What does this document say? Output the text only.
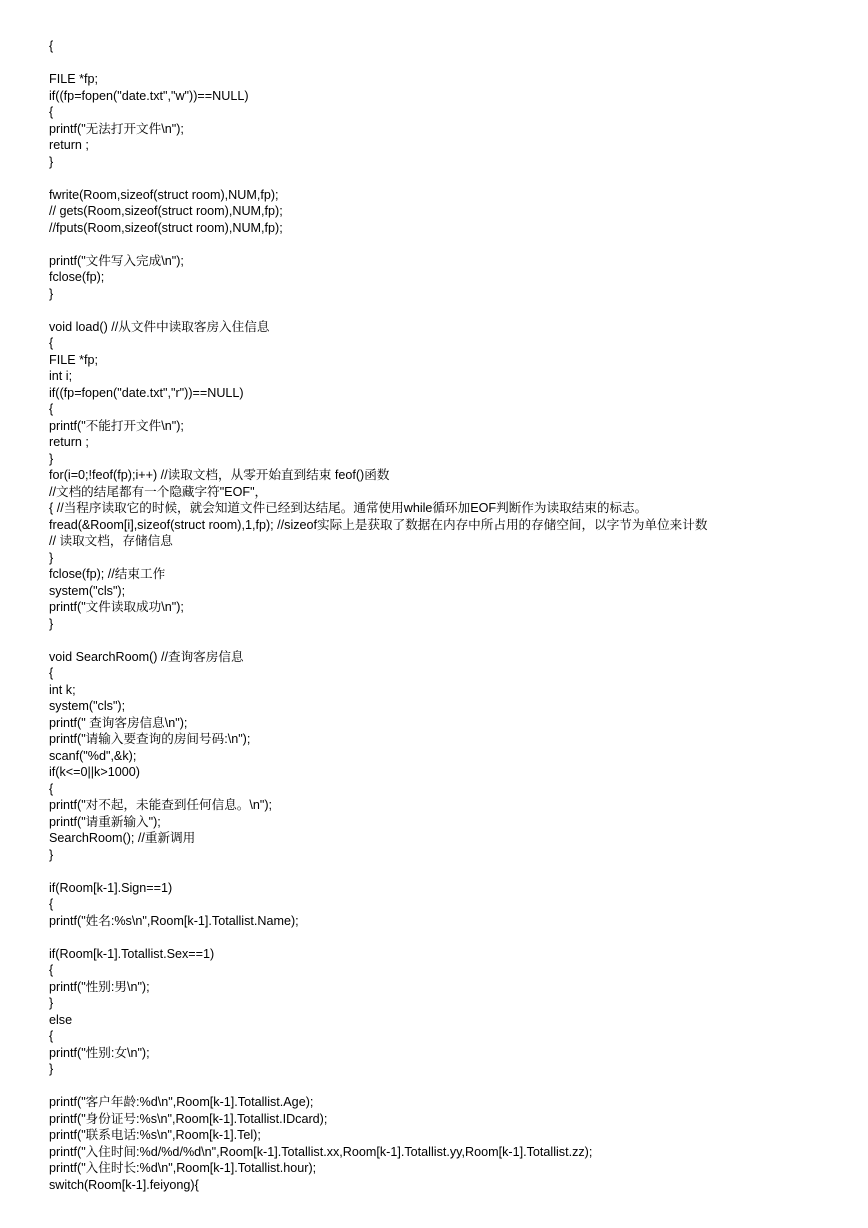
{
FILE *fp;
if((fp=fopen("date.txt","w"))==NULL)
{
printf("无法打开文件\n");
return ;
}
fwrite(Room,sizeof(struct room),NUM,fp);
// gets(Room,sizeof(struct room),NUM,fp);
//fputs(Room,sizeof(struct room),NUM,fp);
printf("文件写入完成\n");
fclose(fp);
}
void load() //从文件中读取客房入住信息
{
FILE *fp;
int i;
if((fp=fopen("date.txt","r"))==NULL)
{
printf("不能打开文件\n");
return ;
}
for(i=0;!feof(fp);i++) //读取文档，从零开始直到结束 feof()函数
//文档的结尾都有一个隐藏字符"EOF"，
{ //当程序读取它的时候，就会知道文件已经到达结尾。通常使用while循环加EOF判断作为读取结束的标志。
fread(&Room[i],sizeof(struct room),1,fp); //sizeof实际上是获取了数据在内存中所占用的存储空间，以字节为单位来计数
// 读取文档，存储信息
}
fclose(fp); //结束工作
system("cls");
printf("文件读取成功\n");
}
void SearchRoom() //查询客房信息
{
int k;
system("cls");
printf(" 查询客房信息\n");
printf("请输入要查询的房间号码:\n");
scanf("%d",&k);
if(k<=0||k>1000)
{
printf("对不起，未能查到任何信息。\n");
printf("请重新输入");
SearchRoom(); //重新调用
}
if(Room[k-1].Sign==1)
{
printf("姓名:%s\n",Room[k-1].Totallist.Name);
if(Room[k-1].Totallist.Sex==1)
{
printf("性别:男\n");
}
else
{
printf("性别:女\n");
}
printf("客户年龄:%d\n",Room[k-1].Totallist.Age);
printf("身份证号:%s\n",Room[k-1].Totallist.IDcard);
printf("联系电话:%s\n",Room[k-1].Tel);
printf("入住时间:%d/%d/%d\n",Room[k-1].Totallist.xx,Room[k-1].Totallist.yy,Room[k-1].Totallist.zz);
printf("入住时长:%d\n",Room[k-1].Totallist.hour);
switch(Room[k-1].feiyong){
